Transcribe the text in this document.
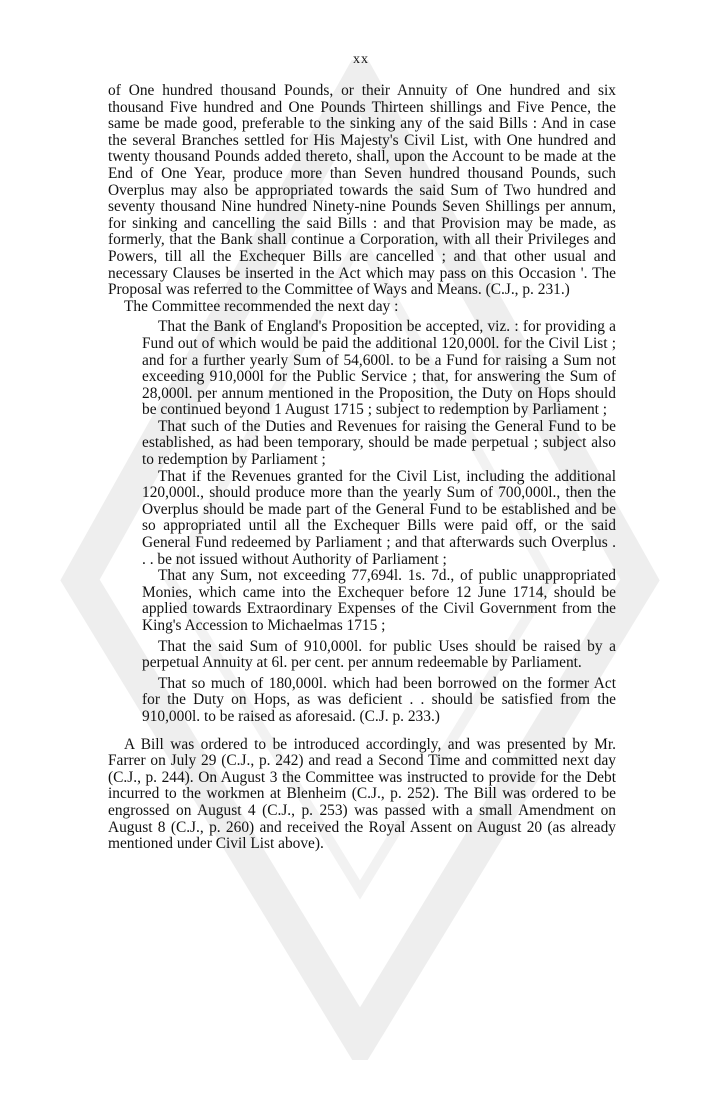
xx

of One hundred thousand Pounds, or their Annuity of One hundred and six thousand Five hundred and One Pounds Thirteen shillings and Five Pence, the same be made good, preferable to the sinking any of the said Bills : And in case the several Branches settled for His Majesty's Civil List, with One hundred and twenty thousand Pounds added thereto, shall, upon the Account to be made at the End of One Year, produce more than Seven hundred thousand Pounds, such Overplus may also be appropriated towards the said Sum of Two hundred and seventy thousand Nine hundred Ninety-nine Pounds Seven Shillings per annum, for sinking and cancelling the said Bills : and that Provision may be made, as formerly, that the Bank shall continue a Corporation, with all their Privileges and Powers, till all the Exchequer Bills are cancelled ; and that other usual and necessary Clauses be inserted in the Act which may pass on this Occasion '. The Proposal was referred to the Committee of Ways and Means. (C.J., p. 231.)

The Committee recommended the next day :

That the Bank of England's Proposition be accepted, viz. : for providing a Fund out of which would be paid the additional 120,000l. for the Civil List ; and for a further yearly Sum of 54,600l. to be a Fund for raising a Sum not exceeding 910,000l for the Public Service ; that, for answering the Sum of 28,000l. per annum mentioned in the Proposition, the Duty on Hops should be continued beyond 1 August 1715 ; subject to redemption by Parliament ;

That such of the Duties and Revenues for raising the General Fund to be established, as had been temporary, should be made perpetual ; subject also to redemption by Parliament ;

That if the Revenues granted for the Civil List, including the additional 120,000l., should produce more than the yearly Sum of 700,000l., then the Overplus should be made part of the General Fund to be established and be so appropriated until all the Exchequer Bills were paid off, or the said General Fund redeemed by Parliament ; and that afterwards such Overplus . . . be not issued without Authority of Parliament ;

That any Sum, not exceeding 77,694l. 1s. 7d., of public unappropriated Monies, which came into the Exchequer before 12 June 1714, should be applied towards Extraordinary Expenses of the Civil Government from the King's Accession to Michaelmas 1715 ;

That the said Sum of 910,000l. for public Uses should be raised by a perpetual Annuity at 6l. per cent. per annum redeemable by Parliament.

That so much of 180,000l. which had been borrowed on the former Act for the Duty on Hops, as was deficient . . should be satisfied from the 910,000l. to be raised as aforesaid. (C.J. p. 233.)

A Bill was ordered to be introduced accordingly, and was presented by Mr. Farrer on July 29 (C.J., p. 242) and read a Second Time and committed next day (C.J., p. 244). On August 3 the Committee was instructed to provide for the Debt incurred to the workmen at Blenheim (C.J., p. 252). The Bill was ordered to be engrossed on August 4 (C.J., p. 253) was passed with a small Amendment on August 8 (C.J., p. 260) and received the Royal Assent on August 20 (as already mentioned under Civil List above).
